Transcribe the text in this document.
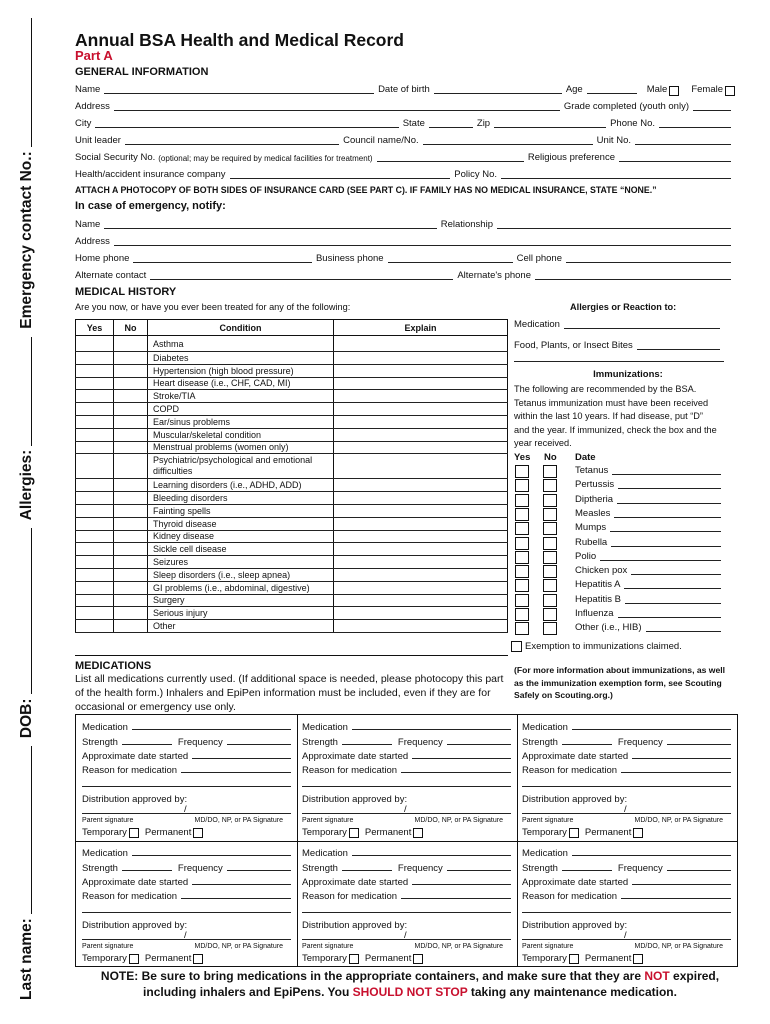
Last name:
DOB:
Allergies:
Emergency contact No.:
Annual BSA Health and Medical Record
Part A
GENERAL INFORMATION
Name	Date of birth	Age	Male	Female
Address	Grade completed (youth only)
City	State	Zip	Phone No.
Unit leader	Council name/No.	Unit No.
Social Security No. (optional; may be required by medical facilities for treatment)	Religious preference
Health/accident insurance company	Policy No.
ATTACH A PHOTOCOPY OF BOTH SIDES OF INSURANCE CARD (SEE PART C). IF FAMILY HAS NO MEDICAL INSURANCE, STATE “NONE.”
In case of emergency, notify:
Name	Relationship
Address
Home phone	Business phone	Cell phone
Alternate contact	Alternate's phone
MEDICAL HISTORY
Are you now, or have you ever been treated for any of the following:
Yes	No	Condition	Explain
		Asthma	
		Diabetes	
		Hypertension (high blood pressure)	
		Heart disease (i.e., CHF, CAD, MI)	
		Stroke/TIA	
		COPD	
		Ear/sinus problems	
		Muscular/skeletal condition	
		Menstrual problems (women only)	
		Psychiatric/psychological and emotional difficulties	
		Learning disorders (i.e., ADHD, ADD)	
		Bleeding disorders	
		Fainting spells	
		Thyroid disease	
		Kidney disease	
		Sickle cell disease	
		Seizures	
		Sleep disorders (i.e., sleep apnea)	
		GI problems (i.e., abdominal, digestive)	
		Surgery	
		Serious injury	
		Other	
Allergies or Reaction to:
Medication
Food, Plants, or Insect Bites
Immunizations:
The following are recommended by the BSA. Tetanus immunization must have been received within the last 10 years. If had disease, put “D” and the year. If immunized, check the box and the year received.
Yes No Date
Tetanus
Pertussis
Diptheria
Measles
Mumps
Rubella
Polio
Chicken pox
Hepatitis A
Hepatitis B
Influenza
Other (i.e., HIB)
Exemption to immunizations claimed.
(For more information about immunizations, as well as the immunization exemption form, see Scouting Safely on Scouting.org.)
MEDICATIONS
List all medications currently used. (If additional space is needed, please photocopy this part of the health form.) Inhalers and EpiPen information must be included, even if they are for occasional or emergency use only.
Medication
Strength	Frequency
Approximate date started
Reason for medication
Distribution approved by:
/
Parent signature	MD/DO, NP, or PA Signature
Temporary Permanent
Medication
Strength	Frequency
Approximate date started
Reason for medication
Distribution approved by:
/
Parent signature	MD/DO, NP, or PA Signature
Temporary Permanent
Medication
Strength	Frequency
Approximate date started
Reason for medication
Distribution approved by:
/
Parent signature	MD/DO, NP, or PA Signature
Temporary Permanent
Medication
Strength	Frequency
Approximate date started
Reason for medication
Distribution approved by:
/
Parent signature	MD/DO, NP, or PA Signature
Temporary Permanent
Medication
Strength	Frequency
Approximate date started
Reason for medication
Distribution approved by:
/
Parent signature	MD/DO, NP, or PA Signature
Temporary Permanent
Medication
Strength	Frequency
Approximate date started
Reason for medication
Distribution approved by:
/
Parent signature	MD/DO, NP, or PA Signature
Temporary Permanent
NOTE: Be sure to bring medications in the appropriate containers, and make sure that they are NOT expired,
including inhalers and EpiPens. You SHOULD NOT STOP taking any maintenance medication.
